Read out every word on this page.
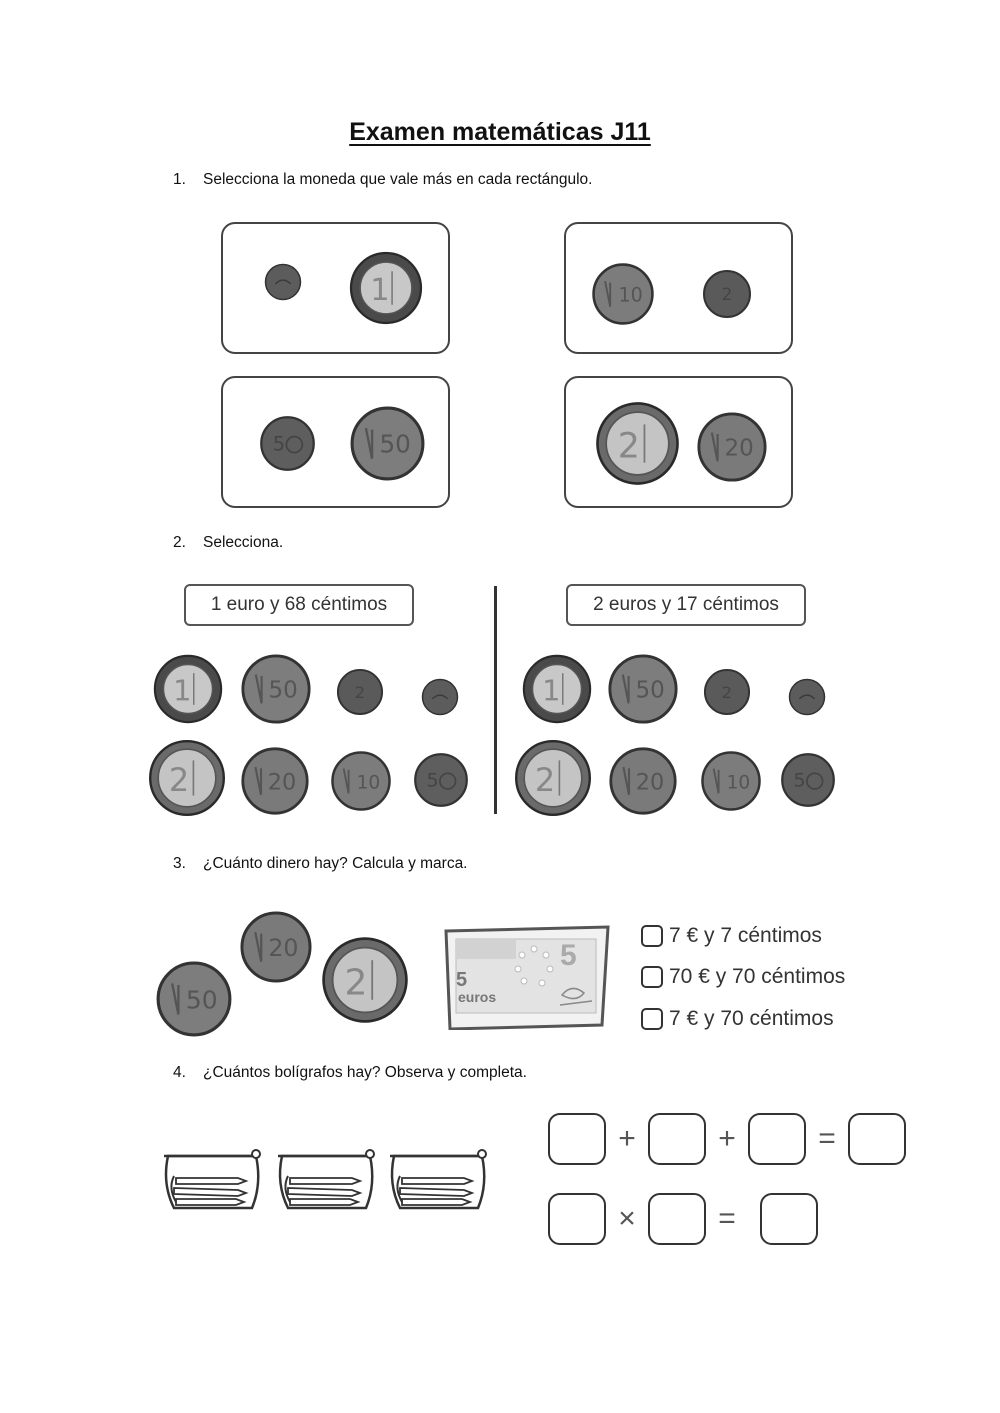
Examen matemáticas J11
1. Selecciona la moneda que vale más en cada rectángulo.
2. Selecciona.
3. ¿Cuánto dinero hay? Calcula y marca.
4. ¿Cuántos bolígrafos hay? Observa y completa.
1	10 2
5	50	2	20
1 euro y 68 céntimos	2 euros y 17 céntimos
1 50 2
2 20 10 5
1 50 2
2	20 10 5
50
20
2	5
5
euros
7 € y 7 céntimos
70 € y 70 céntimos
7 € y 70 céntimos
+	+	=
×	=
